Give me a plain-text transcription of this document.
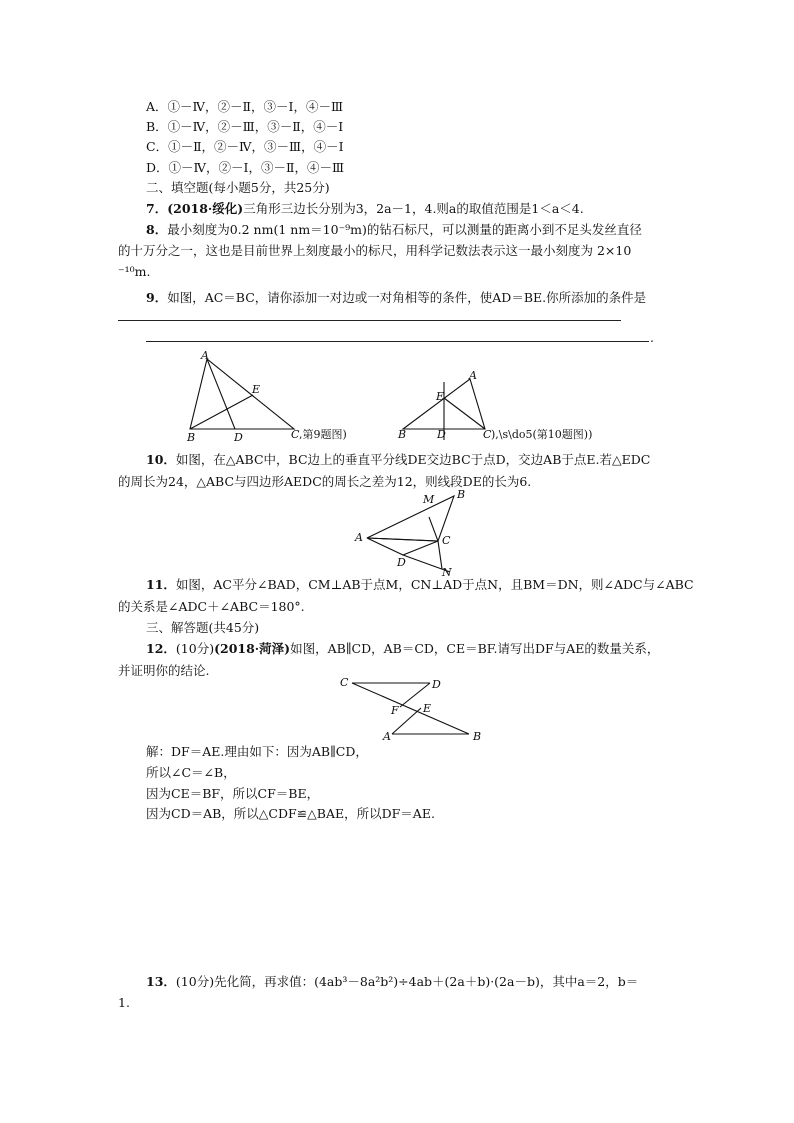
A．①－Ⅳ，②－Ⅱ，③－Ⅰ，④－Ⅲ
B．①－Ⅳ，②－Ⅲ，③－Ⅱ，④－Ⅰ
C．①－Ⅱ，②－Ⅳ，③－Ⅲ，④－Ⅰ
D．①－Ⅳ，②－Ⅰ，③－Ⅱ，④－Ⅲ
二、填空题(每小题5分，共25分)
7．(2018·绥化)三角形三边长分别为3，2a－1，4.则a的取值范围是1＜a＜4.
8．最小刻度为0.2 nm(1 nm＝10⁻⁹m)的钻石标尺，可以测量的距离小到不足头发丝直径
的十万分之一，这也是目前世界上刻度最小的标尺，用科学记数法表示这一最小刻度为 2×10
⁻¹⁰m.
9．如图，AC＝BC，请你添加一对边或一对角相等的条件，使AD＝BE.你所添加的条件是
.
A
E
B	D	C ,第9题图)
A
E
B	D	C ),\s\do5(第10题图))
10．如图，在△ABC中，BC边上的垂直平分线DE交边BC于点D，交边AB于点E.若△EDC
的周长为24，△ABC与四边形AEDC的周长之差为12，则线段DE的长为6.
M B
A	C
D
N
11．如图，AC平分∠BAD，CM⊥AB于点M，CN⊥AD于点N，且BM＝DN，则∠ADC与∠ABC
的关系是∠ADC＋∠ABC＝180°.
三、解答题(共45分)
12．(10分)(2018·菏泽)如图，AB∥CD，AB＝CD，CE＝BF.请写出DF与AE的数量关系，
并证明你的结论.
C	D
F E
A	B
解：DF＝AE.理由如下：因为AB∥CD，
所以∠C＝∠B，
因为CE＝BF，所以CF＝BE，
因为CD＝AB，所以△CDF≌△BAE，所以DF＝AE.
13．(10分)先化简，再求值：(4ab³－8a²b²)÷4ab＋(2a＋b)·(2a－b)，其中a＝2，b＝
1.
